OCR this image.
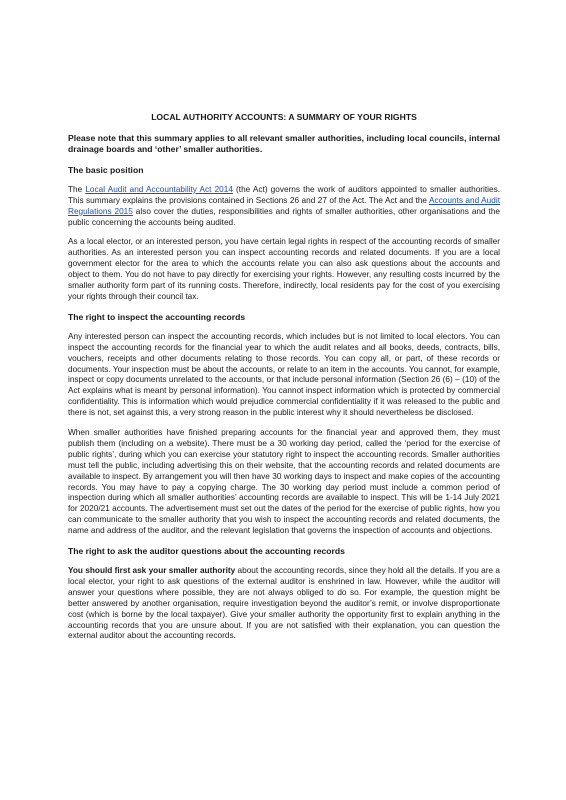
LOCAL AUTHORITY ACCOUNTS: A SUMMARY OF YOUR RIGHTS
Please note that this summary applies to all relevant smaller authorities, including local councils, internal drainage boards and ‘other’ smaller authorities.
The basic position

The Local Audit and Accountability Act 2014 (the Act) governs the work of auditors appointed to smaller authorities. This summary explains the provisions contained in Sections 26 and 27 of the Act. The Act and the Accounts and Audit Regulations 2015 also cover the duties, responsibilities and rights of smaller authorities, other organisations and the public concerning the accounts being audited.

As a local elector, or an interested person, you have certain legal rights in respect of the accounting records of smaller authorities. As an interested person you can inspect accounting records and related documents. If you are a local government elector for the area to which the accounts relate you can also ask questions about the accounts and object to them. You do not have to pay directly for exercising your rights. However, any resulting costs incurred by the smaller authority form part of its running costs. Therefore, indirectly, local residents pay for the cost of you exercising your rights through their council tax.

The right to inspect the accounting records

Any interested person can inspect the accounting records, which includes but is not limited to local electors. You can inspect the accounting records for the financial year to which the audit relates and all books, deeds, contracts, bills, vouchers, receipts and other documents relating to those records. You can copy all, or part, of these records or documents. Your inspection must be about the accounts, or relate to an item in the accounts. You cannot, for example, inspect or copy documents unrelated to the accounts, or that include personal information (Section 26 (6) – (10) of the Act explains what is meant by personal information). You cannot inspect information which is protected by commercial confidentiality. This is information which would prejudice commercial confidentiality if it was released to the public and there is not, set against this, a very strong reason in the public interest why it should nevertheless be disclosed.

When smaller authorities have finished preparing accounts for the financial year and approved them, they must publish them (including on a website). There must be a 30 working day period, called the ‘period for the exercise of public rights’, during which you can exercise your statutory right to inspect the accounting records. Smaller authorities must tell the public, including advertising this on their website, that the accounting records and related documents are available to inspect. By arrangement you will then have 30 working days to inspect and make copies of the accounting records. You may have to pay a copying charge. The 30 working day period must include a common period of inspection during which all smaller authorities’ accounting records are available to inspect. This will be 1-14 July 2021 for 2020/21 accounts. The advertisement must set out the dates of the period for the exercise of public rights, how you can communicate to the smaller authority that you wish to inspect the accounting records and related documents, the name and address of the auditor, and the relevant legislation that governs the inspection of accounts and objections.

The right to ask the auditor questions about the accounting records

You should first ask your smaller authority about the accounting records, since they hold all the details. If you are a local elector, your right to ask questions of the external auditor is enshrined in law. However, while the auditor will answer your questions where possible, they are not always obliged to do so. For example, the question might be better answered by another organisation, require investigation beyond the auditor’s remit, or involve disproportionate cost (which is borne by the local taxpayer). Give your smaller authority the opportunity first to explain anything in the accounting records that you are unsure about. If you are not satisfied with their explanation, you can question the external auditor about the accounting records.
